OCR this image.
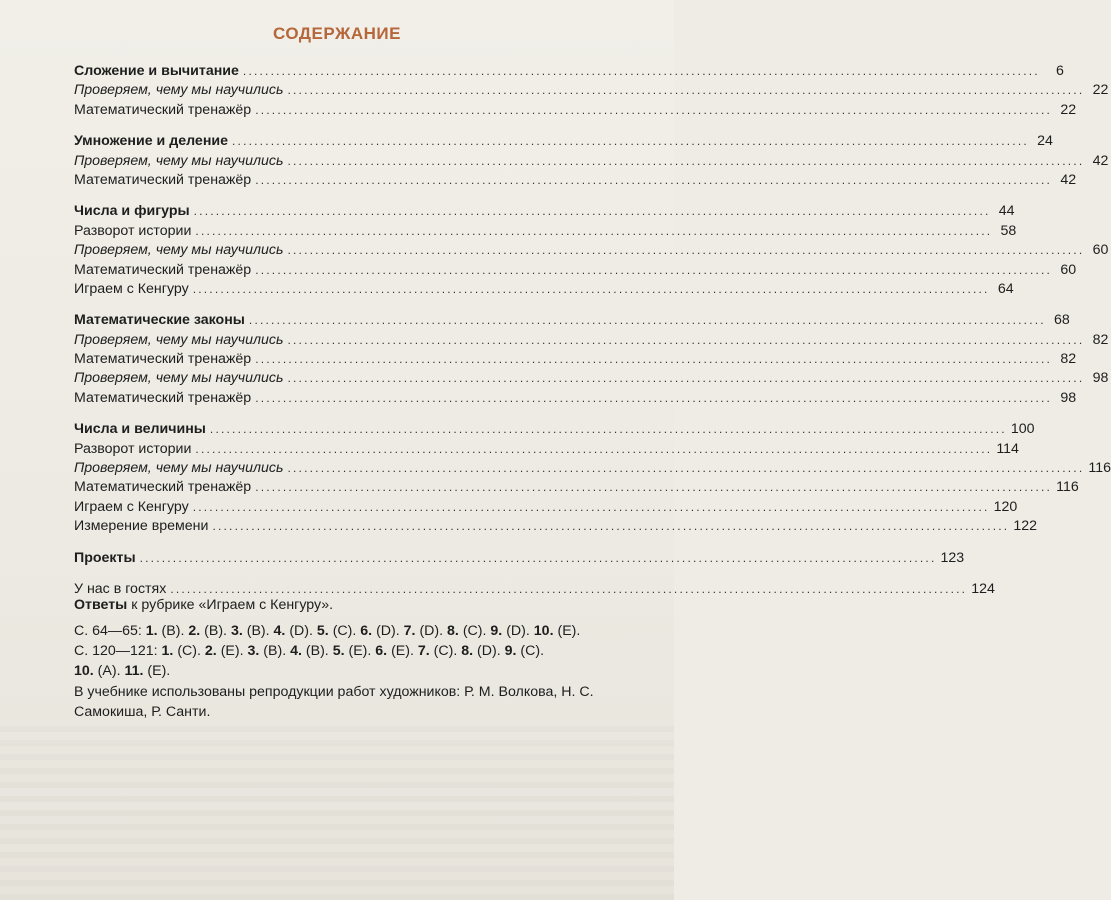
СОДЕРЖАНИЕ
Сложение и вычитание ................................................................................................................................................	6
Проверяем, чему мы научились ................................................................................................................................................ 22
Математический тренажёр ................................................................................................................................................ 22
Умножение и деление ................................................................................................................................................ 24
Проверяем, чему мы научились ................................................................................................................................................ 42
Математический тренажёр ................................................................................................................................................ 42
Числа и фигуры ................................................................................................................................................ 44
Разворот истории ................................................................................................................................................ 58
Проверяем, чему мы научились ................................................................................................................................................ 60
Математический тренажёр ................................................................................................................................................ 60
Играем с Кенгуру ................................................................................................................................................ 64
Математические законы ................................................................................................................................................ 68
Проверяем, чему мы научились ................................................................................................................................................ 82
Математический тренажёр ................................................................................................................................................ 82
Проверяем, чему мы научились ................................................................................................................................................ 98
Математический тренажёр ................................................................................................................................................ 98
Числа и величины ................................................................................................................................................ 100
Разворот истории ................................................................................................................................................ 114
Проверяем, чему мы научились ................................................................................................................................................ 116
Математический тренажёр ................................................................................................................................................ 116
Играем с Кенгуру ................................................................................................................................................ 120
Измерение времени ................................................................................................................................................ 122
Проекты ................................................................................................................................................ 123
У нас в гостях ................................................................................................................................................ 124
Ответы к рубрике «Играем с Кенгуру».
С. 64—65: 1. (В). 2. (В). 3. (В). 4. (D). 5. (С). 6. (D). 7. (D). 8. (С). 9. (D). 10. (Е).
С. 120—121: 1. (С). 2. (Е). 3. (В). 4. (В). 5. (Е). 6. (Е). 7. (С). 8. (D). 9. (С).
10. (А). 11. (Е).
В учебнике использованы репродукции работ художников: Р. М. Волкова, Н. С. Самокиша, Р. Санти.
